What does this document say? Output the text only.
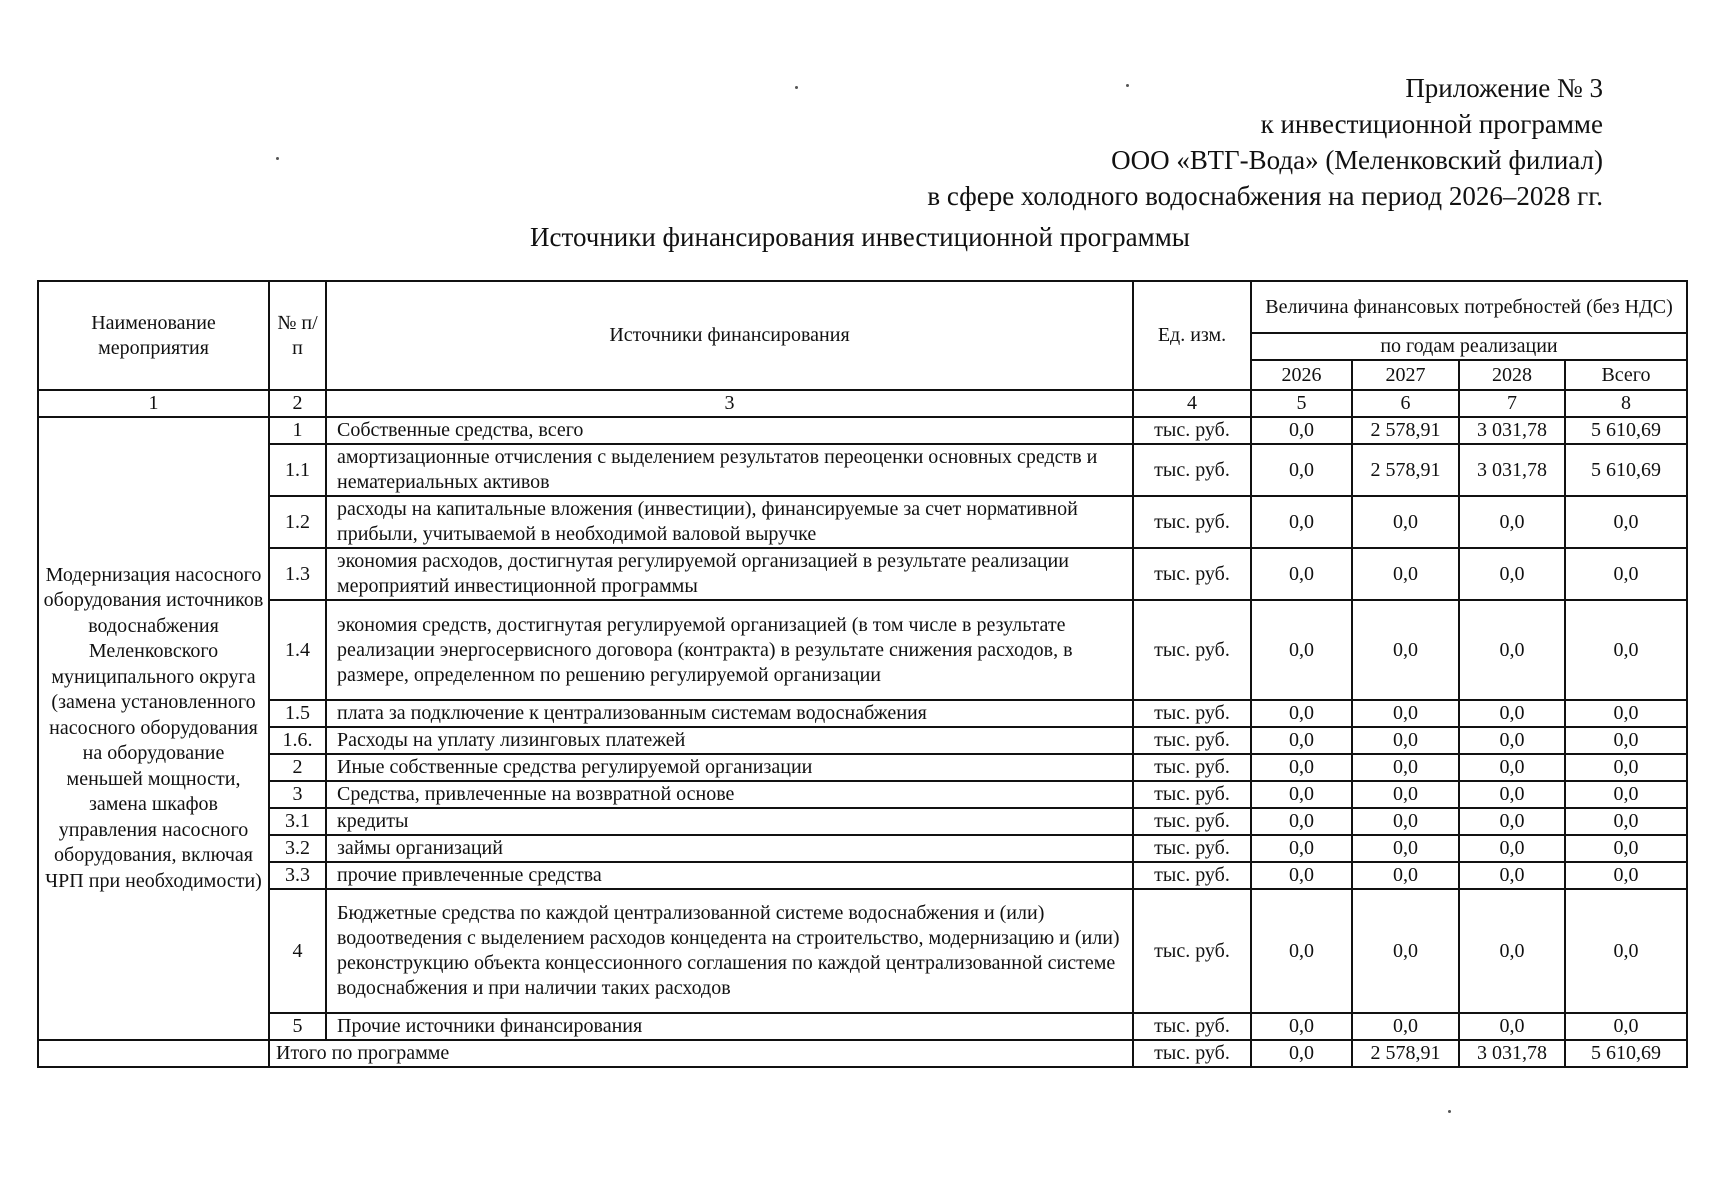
Приложение № 3
к инвестиционной программе
ООО «ВТГ-Вода» (Меленковский филиал)
в сфере холодного водоснабжения на период 2026–2028 гг.
Источники финансирования инвестиционной программы
Наименование мероприятия	№ п/п	Источники финансирования	Ед. изм.	Величина финансовых потребностей (без НДС)			
				по годам реализации			
				2026	2027	2028	Всего
1	2	3	4	5	6	7	8
Модернизация насосного оборудования источников водоснабжения Меленковского муниципального округа (замена установленного насосного оборудования на оборудование меньшей мощности, замена шкафов управления насосного оборудования, включая ЧРП при необходимости)	1	Собственные средства, всего	тыс. руб.	0,0	2 578,91	3 031,78	5 610,69
	1.1	амортизационные отчисления с выделением результатов переоценки основных средств и нематериальных активов	тыс. руб.	0,0	2 578,91	3 031,78	5 610,69
	1.2	расходы на капитальные вложения (инвестиции), финансируемые за счет нормативной прибыли, учитываемой в необходимой валовой выручке	тыс. руб.	0,0	0,0	0,0	0,0
	1.3	экономия расходов, достигнутая регулируемой организацией в результате реализации мероприятий инвестиционной программы	тыс. руб.	0,0	0,0	0,0	0,0
	1.4	экономия средств, достигнутая регулируемой организацией (в том числе в результате реализации энергосервисного договора (контракта) в результате снижения расходов, в размере, определенном по решению регулируемой организации	тыс. руб.	0,0	0,0	0,0	0,0
	1.5	плата за подключение к централизованным системам водоснабжения	тыс. руб.	0,0	0,0	0,0	0,0
	1.6.	Расходы на уплату лизинговых платежей	тыс. руб.	0,0	0,0	0,0	0,0
	2	Иные собственные средства регулируемой организации	тыс. руб.	0,0	0,0	0,0	0,0
	3	Средства, привлеченные на возвратной основе	тыс. руб.	0,0	0,0	0,0	0,0
	3.1	кредиты	тыс. руб.	0,0	0,0	0,0	0,0
	3.2	займы организаций	тыс. руб.	0,0	0,0	0,0	0,0
	3.3	прочие привлеченные средства	тыс. руб.	0,0	0,0	0,0	0,0
	4	Бюджетные средства по каждой централизованной системе водоснабжения и (или) водоотведения с выделением расходов концедента на строительство, модернизацию и (или) реконструкцию объекта концессионного соглашения по каждой централизованной системе водоснабжения и при наличии таких расходов	тыс. руб.	0,0	0,0	0,0	0,0
	5	Прочие источники финансирования	тыс. руб.	0,0	0,0	0,0	0,0
	Итого по программе		тыс. руб.	0,0	2 578,91	3 031,78	5 610,69
